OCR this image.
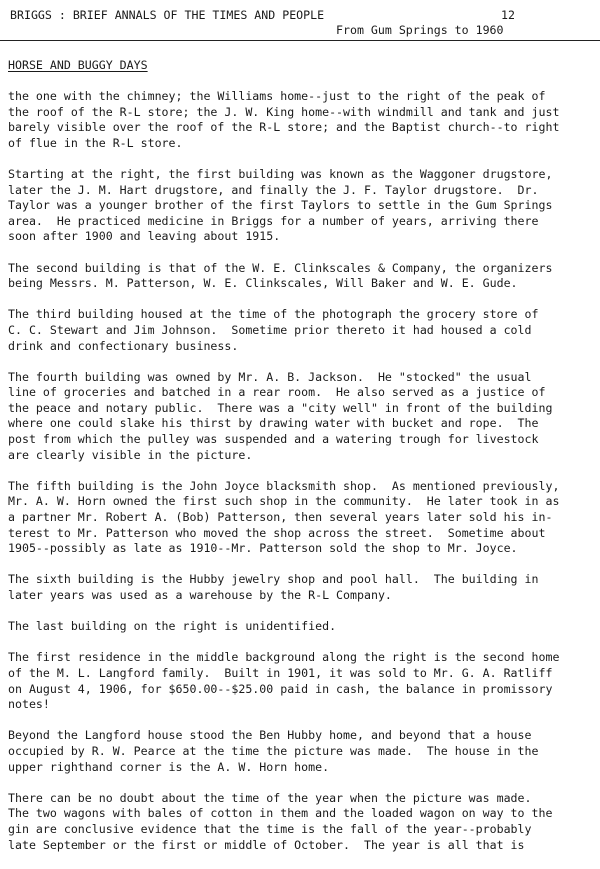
BRIGGS : BRIEF ANNALS OF THE TIMES AND PEOPLE	12
From Gum Springs to 1960
HORSE AND BUGGY DAYS
the one with the chimney; the Williams home--just to the right of the peak of
the roof of the R-L store; the J. W. King home--with windmill and tank and just
barely visible over the roof of the R-L store; and the Baptist church--to right
of flue in the R-L store.
Starting at the right, the first building was known as the Waggoner drugstore,
later the J. M. Hart drugstore, and finally the J. F. Taylor drugstore.  Dr.
Taylor was a younger brother of the first Taylors to settle in the Gum Springs
area.  He practiced medicine in Briggs for a number of years, arriving there
soon after 1900 and leaving about 1915.
The second building is that of the W. E. Clinkscales & Company, the organizers
being Messrs. M. Patterson, W. E. Clinkscales, Will Baker and W. E. Gude.
The third building housed at the time of the photograph the grocery store of
C. C. Stewart and Jim Johnson.  Sometime prior thereto it had housed a cold
drink and confectionary business.
The fourth building was owned by Mr. A. B. Jackson.  He "stocked" the usual
line of groceries and batched in a rear room.  He also served as a justice of
the peace and notary public.  There was a "city well" in front of the building
where one could slake his thirst by drawing water with bucket and rope.  The
post from which the pulley was suspended and a watering trough for livestock
are clearly visible in the picture.
The fifth building is the John Joyce blacksmith shop.  As mentioned previously,
Mr. A. W. Horn owned the first such shop in the community.  He later took in as
a partner Mr. Robert A. (Bob) Patterson, then several years later sold his in-
terest to Mr. Patterson who moved the shop across the street.  Sometime about
1905--possibly as late as 1910--Mr. Patterson sold the shop to Mr. Joyce.
The sixth building is the Hubby jewelry shop and pool hall.  The building in
later years was used as a warehouse by the R-L Company.
The last building on the right is unidentified.
The first residence in the middle background along the right is the second home
of the M. L. Langford family.  Built in 1901, it was sold to Mr. G. A. Ratliff
on August 4, 1906, for $650.00--$25.00 paid in cash, the balance in promissory
notes!
Beyond the Langford house stood the Ben Hubby home, and beyond that a house
occupied by R. W. Pearce at the time the picture was made.  The house in the
upper righthand corner is the A. W. Horn home.
There can be no doubt about the time of the year when the picture was made.
The two wagons with bales of cotton in them and the loaded wagon on way to the
gin are conclusive evidence that the time is the fall of the year--probably
late September or the first or middle of October.  The year is all that is
